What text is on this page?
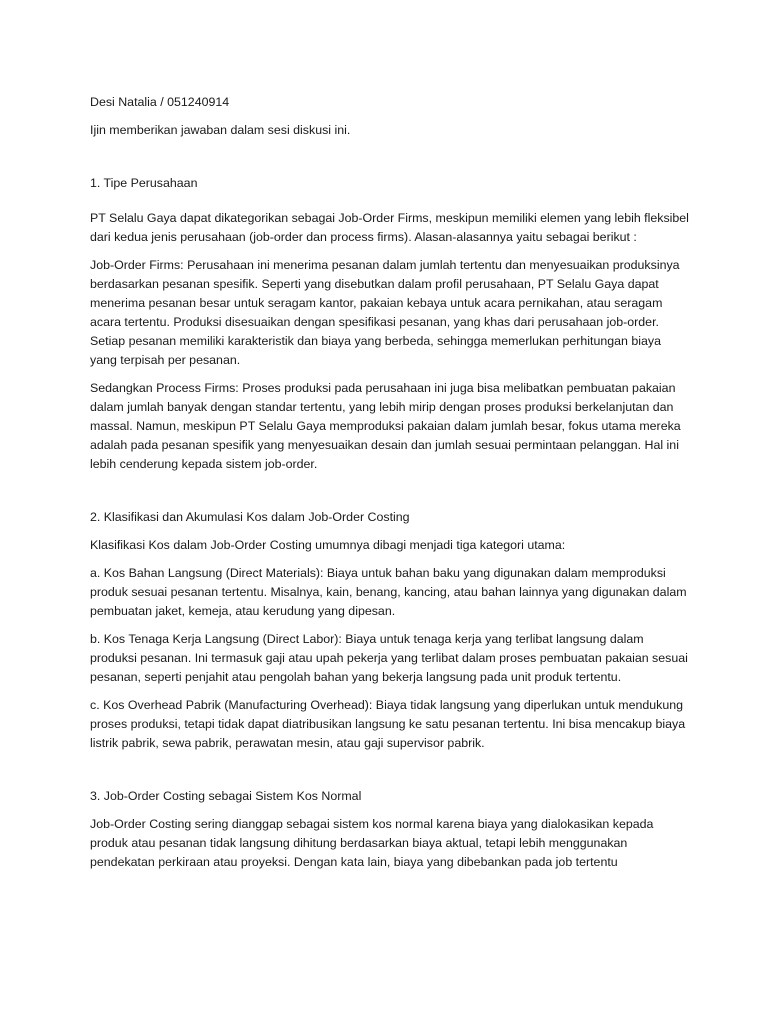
Desi Natalia / 051240914

Ijin memberikan jawaban dalam sesi diskusi ini.

1. Tipe Perusahaan

PT Selalu Gaya dapat dikategorikan sebagai Job-Order Firms, meskipun memiliki elemen yang lebih fleksibel dari kedua jenis perusahaan (job-order dan process firms). Alasan-alasannya yaitu sebagai berikut :

Job-Order Firms: Perusahaan ini menerima pesanan dalam jumlah tertentu dan menyesuaikan produksinya berdasarkan pesanan spesifik. Seperti yang disebutkan dalam profil perusahaan, PT Selalu Gaya dapat menerima pesanan besar untuk seragam kantor, pakaian kebaya untuk acara pernikahan, atau seragam acara tertentu. Produksi disesuaikan dengan spesifikasi pesanan, yang khas dari perusahaan job-order. Setiap pesanan memiliki karakteristik dan biaya yang berbeda, sehingga memerlukan perhitungan biaya yang terpisah per pesanan.

Sedangkan Process Firms: Proses produksi pada perusahaan ini juga bisa melibatkan pembuatan pakaian dalam jumlah banyak dengan standar tertentu, yang lebih mirip dengan proses produksi berkelanjutan dan massal. Namun, meskipun PT Selalu Gaya memproduksi pakaian dalam jumlah besar, fokus utama mereka adalah pada pesanan spesifik yang menyesuaikan desain dan jumlah sesuai permintaan pelanggan. Hal ini lebih cenderung kepada sistem job-order.

2. Klasifikasi dan Akumulasi Kos dalam Job-Order Costing

Klasifikasi Kos dalam Job-Order Costing umumnya dibagi menjadi tiga kategori utama:

a. Kos Bahan Langsung (Direct Materials): Biaya untuk bahan baku yang digunakan dalam memproduksi produk sesuai pesanan tertentu. Misalnya, kain, benang, kancing, atau bahan lainnya yang digunakan dalam pembuatan jaket, kemeja, atau kerudung yang dipesan.

b. Kos Tenaga Kerja Langsung (Direct Labor): Biaya untuk tenaga kerja yang terlibat langsung dalam produksi pesanan. Ini termasuk gaji atau upah pekerja yang terlibat dalam proses pembuatan pakaian sesuai pesanan, seperti penjahit atau pengolah bahan yang bekerja langsung pada unit produk tertentu.

c. Kos Overhead Pabrik (Manufacturing Overhead): Biaya tidak langsung yang diperlukan untuk mendukung proses produksi, tetapi tidak dapat diatribusikan langsung ke satu pesanan tertentu. Ini bisa mencakup biaya listrik pabrik, sewa pabrik, perawatan mesin, atau gaji supervisor pabrik.

3. Job-Order Costing sebagai Sistem Kos Normal

Job-Order Costing sering dianggap sebagai sistem kos normal karena biaya yang dialokasikan kepada produk atau pesanan tidak langsung dihitung berdasarkan biaya aktual, tetapi lebih menggunakan pendekatan perkiraan atau proyeksi. Dengan kata lain, biaya yang dibebankan pada job tertentu
